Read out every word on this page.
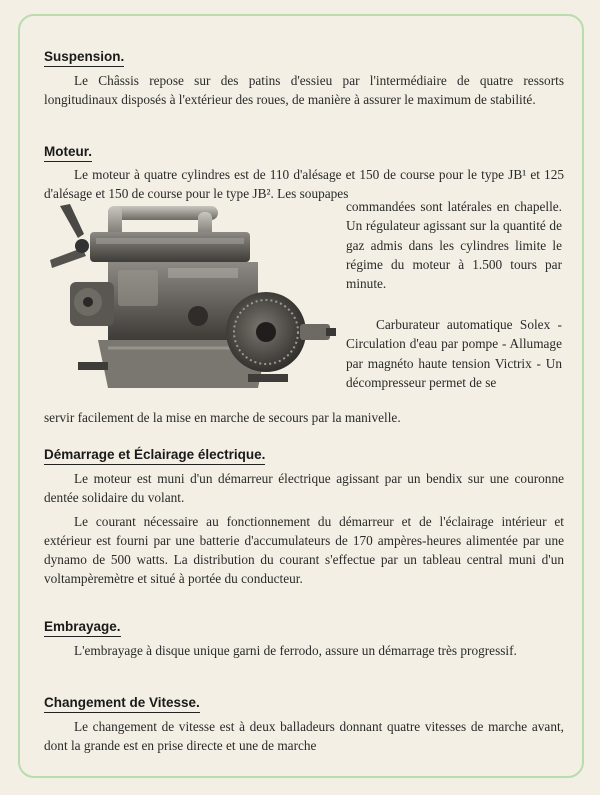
Suspension.

Le Châssis repose sur des patins d'essieu par l'intermédiaire de quatre ressorts longitudinaux disposés à l'extérieur des roues, de manière à assurer le maximum de stabilité.

Moteur.

Le moteur à quatre cylindres est de 110 d'alésage et 150 de course pour le type JB¹ et 125 d'alésage et 150 de course pour le type JB². Les soupapes

commandées sont latérales en chapelle. Un régulateur agissant sur la quantité de gaz admis dans les cylindres limite le régime du moteur à 1.500 tours par minute.

Carburateur automatique Solex - Circulation d'eau par pompe - Allumage par magnéto haute tension Victrix - Un décompresseur permet de se

servir facilement de la mise en marche de secours par la manivelle.

Démarrage et Éclairage électrique.

Le moteur est muni d'un démarreur électrique agissant par un bendix sur une couronne dentée solidaire du volant.

Le courant nécessaire au fonctionnement du démarreur et de l'éclairage intérieur et extérieur est fourni par une batterie d'accumulateurs de 170 ampères-heures alimentée par une dynamo de 500 watts. La distribution du courant s'effectue par un tableau central muni d'un voltampèremètre et situé à portée du conducteur.

Embrayage.

L'embrayage à disque unique garni de ferrodo, assure un démarrage très progressif.

Changement de Vitesse.

Le changement de vitesse est à deux balladeurs donnant quatre vitesses de marche avant, dont la grande est en prise directe et une de marche
